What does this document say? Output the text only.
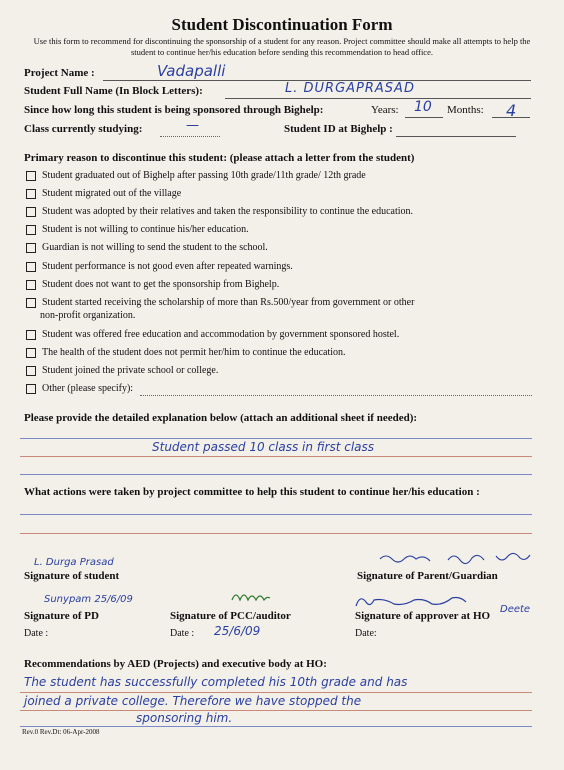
Student Discontinuation Form
Use this form to recommend for discontinuing the sponsorship of a student for any reason. Project committee should make all attempts to help the student to continue her/his education before sending this recommendation to head office.
Project Name :	Vadapalli
Student Full Name (In Block Letters):	L. DURGAPRASAD
Since how long this student is being sponsored through Bighelp:	Years: 10 Months: 4
Class currently studying:	—	Student ID at Bighelp :
Primary reason to discontinue this student: (please attach a letter from the student)
Student graduated out of Bighelp after passing 10th grade/11th grade/ 12th grade
Student migrated out of the village
Student was adopted by their relatives and taken the responsibility to continue the education.
Student is not willing to continue his/her education.
Guardian is not willing to send the student to the school.
Student performance is not good even after repeated warnings.
Student does not want to get the sponsorship from Bighelp.
Student started receiving the scholarship of more than Rs.500/year from government or other
non-profit organization.
Student was offered free education and accommodation by government sponsored hostel.
The health of the student does not permit her/him to continue the education.
Student joined the private school or college.
Other (please specify):
Please provide the detailed explanation below (attach an additional sheet if needed):
Student passed 10 class in first class
What actions were taken by project committee to help this student to continue her/his education :
L. Durga Prasad
Signature of student	Signature of Parent/Guardian
Sunypam 25/6/09
Signature of PD	Signature of PCC/auditor	Signature of approver at HO
Deete
Date :	Date : 25/6/09	Date:
Recommendations by AED (Projects) and executive body at HO:
The student has successfully completed his 10th grade and has
joined a private college. Therefore we have stopped the
sponsoring him.
Rev.0 Rev.Dt: 06-Apr-2008
